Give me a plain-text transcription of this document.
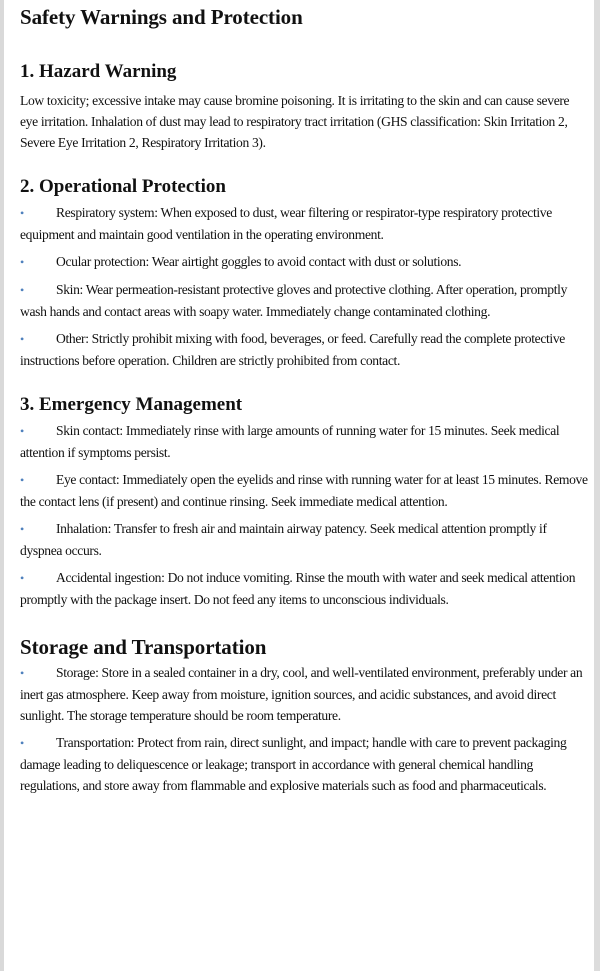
Safety Warnings and Protection
1. Hazard Warning

Low toxicity; excessive intake may cause bromine poisoning. It is irritating to the skin and can cause severe eye irritation. Inhalation of dust may lead to respiratory tract irritation (GHS classification: Skin Irritation 2, Severe Eye Irritation 2, Respiratory Irritation 3).

2. Operational Protection
• Respiratory system: When exposed to dust, wear filtering or respirator-type respiratory protective equipment and maintain good ventilation in the operating environment.
• Ocular protection: Wear airtight goggles to avoid contact with dust or solutions.
• Skin: Wear permeation-resistant protective gloves and protective clothing. After operation, promptly wash hands and contact areas with soapy water. Immediately change contaminated clothing.
• Other: Strictly prohibit mixing with food, beverages, or feed. Carefully read the complete protective instructions before operation. Children are strictly prohibited from contact.
3. Emergency Management
• Skin contact: Immediately rinse with large amounts of running water for 15 minutes. Seek medical attention if symptoms persist.
• Eye contact: Immediately open the eyelids and rinse with running water for at least 15 minutes. Remove the contact lens (if present) and continue rinsing. Seek immediate medical attention.
• Inhalation: Transfer to fresh air and maintain airway patency. Seek medical attention promptly if dyspnea occurs.
• Accidental ingestion: Do not induce vomiting. Rinse the mouth with water and seek medical attention promptly with the package insert. Do not feed any items to unconscious individuals.
Storage and Transportation
• Storage: Store in a sealed container in a dry, cool, and well-ventilated environment, preferably under an inert gas atmosphere. Keep away from moisture, ignition sources, and acidic substances, and avoid direct sunlight. The storage temperature should be room temperature.
• Transportation: Protect from rain, direct sunlight, and impact; handle with care to prevent packaging damage leading to deliquescence or leakage; transport in accordance with general chemical handling regulations, and store away from flammable and explosive materials such as food and pharmaceuticals.
